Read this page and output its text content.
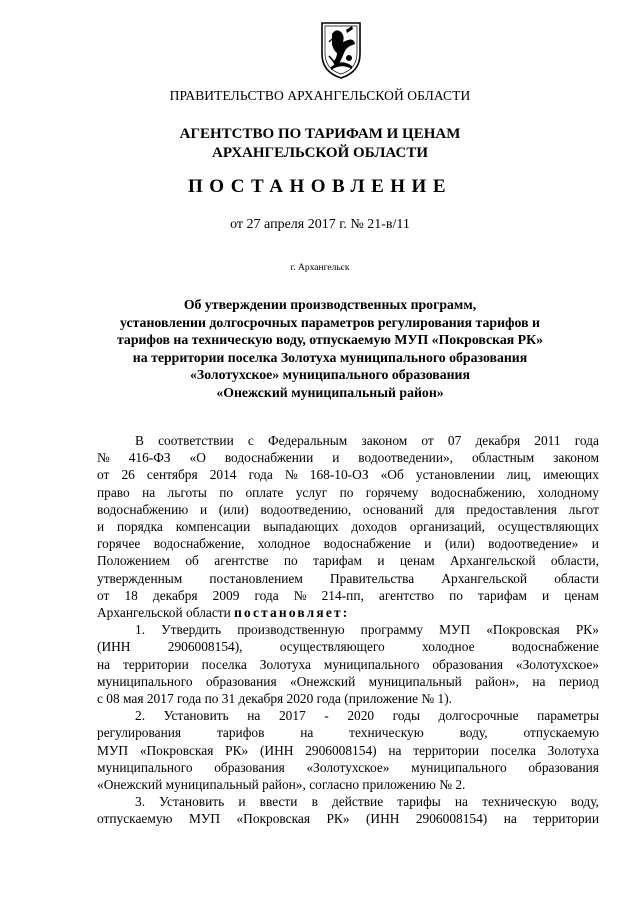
ПРАВИТЕЛЬСТВО АРХАНГЕЛЬСКОЙ ОБЛАСТИ
АГЕНТСТВО ПО ТАРИФАМ И ЦЕНАМ
АРХАНГЕЛЬСКОЙ ОБЛАСТИ
ПОСТАНОВЛЕНИЕ
от 27 апреля 2017 г. № 21-в/11
г. Архангельск
Об утверждении производственных программ,
установлении долгосрочных параметров регулирования тарифов и
тарифов на техническую воду, отпускаемую МУП «Покровская РК»
на территории поселка Золотуха муниципального образования
«Золотухское» муниципального образования
«Онежский муниципальный район»
В соответствии с Федеральным законом от 07 декабря 2011 года
№ 416-ФЗ «О водоснабжении и водоотведении», областным законом
от 26 сентября 2014 года № 168-10-ОЗ «Об установлении лиц, имеющих
право на льготы по оплате услуг по горячему водоснабжению, холодному
водоснабжению и (или) водоотведению, оснований для предоставления льгот
и порядка компенсации выпадающих доходов организаций, осуществляющих
горячее водоснабжение, холодное водоснабжение и (или) водоотведение» и
Положением об агентстве по тарифам и ценам Архангельской области,
утвержденным постановлением Правительства Архангельской области
от 18 декабря 2009 года № 214-пп, агентство по тарифам и ценам
Архангельской области постановляет:
1. Утвердить производственную программу МУП «Покровская РК»
(ИНН	2906008154),	осуществляющего	холодное	водоснабжение
на территории поселка Золотуха муниципального образования «Золотухское»
муниципального образования «Онежский муниципальный район», на период
с 08 мая 2017 года по 31 декабря 2020 года (приложение № 1).
2. Установить на 2017 - 2020 годы долгосрочные параметры
регулирования	тарифов	на	техническую	воду,	отпускаемую
МУП «Покровская РК» (ИНН 2906008154) на территории поселка Золотуха
муниципального образования «Золотухское» муниципального образования
«Онежский муниципальный район», согласно приложению № 2.
3. Установить и ввести в действие тарифы на техническую воду,
отпускаемую МУП «Покровская РК» (ИНН 2906008154) на территории
